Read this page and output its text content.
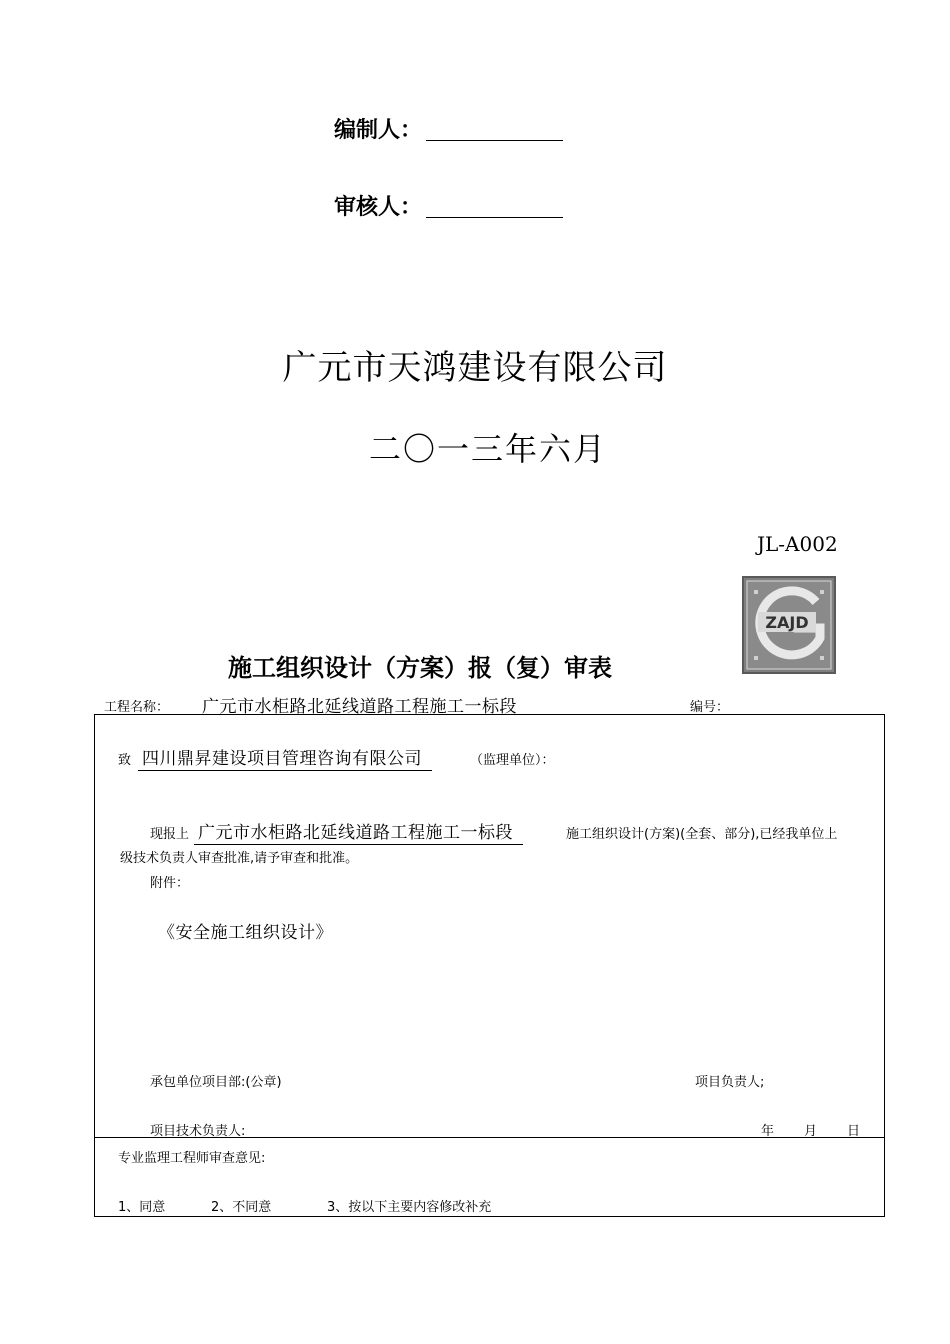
编制人：
审核人：
广元市天鸿建设有限公司
二〇一三年六月
JL-A002
ZAJD
施工组织设计（方案）报（复）审表
工程名称： 广元市水柜路北延线道路工程施工一标段	编号：
致 四川鼎昇建设项目管理咨询有限公司	（监理单位）：
现报上 广元市水柜路北延线道路工程施工一标段	施工组织设计(方案)(全套、部分),已经我单位上
级技术负责人审查批准,请予审查和批准。
附件：
《安全施工组织设计》
承包单位项目部:(公章)	项目负责人;
项目技术负责人:	年 月 日
专业监理工程师审查意见:
1、同意	2、不同意	3、按以下主要内容修改补充
